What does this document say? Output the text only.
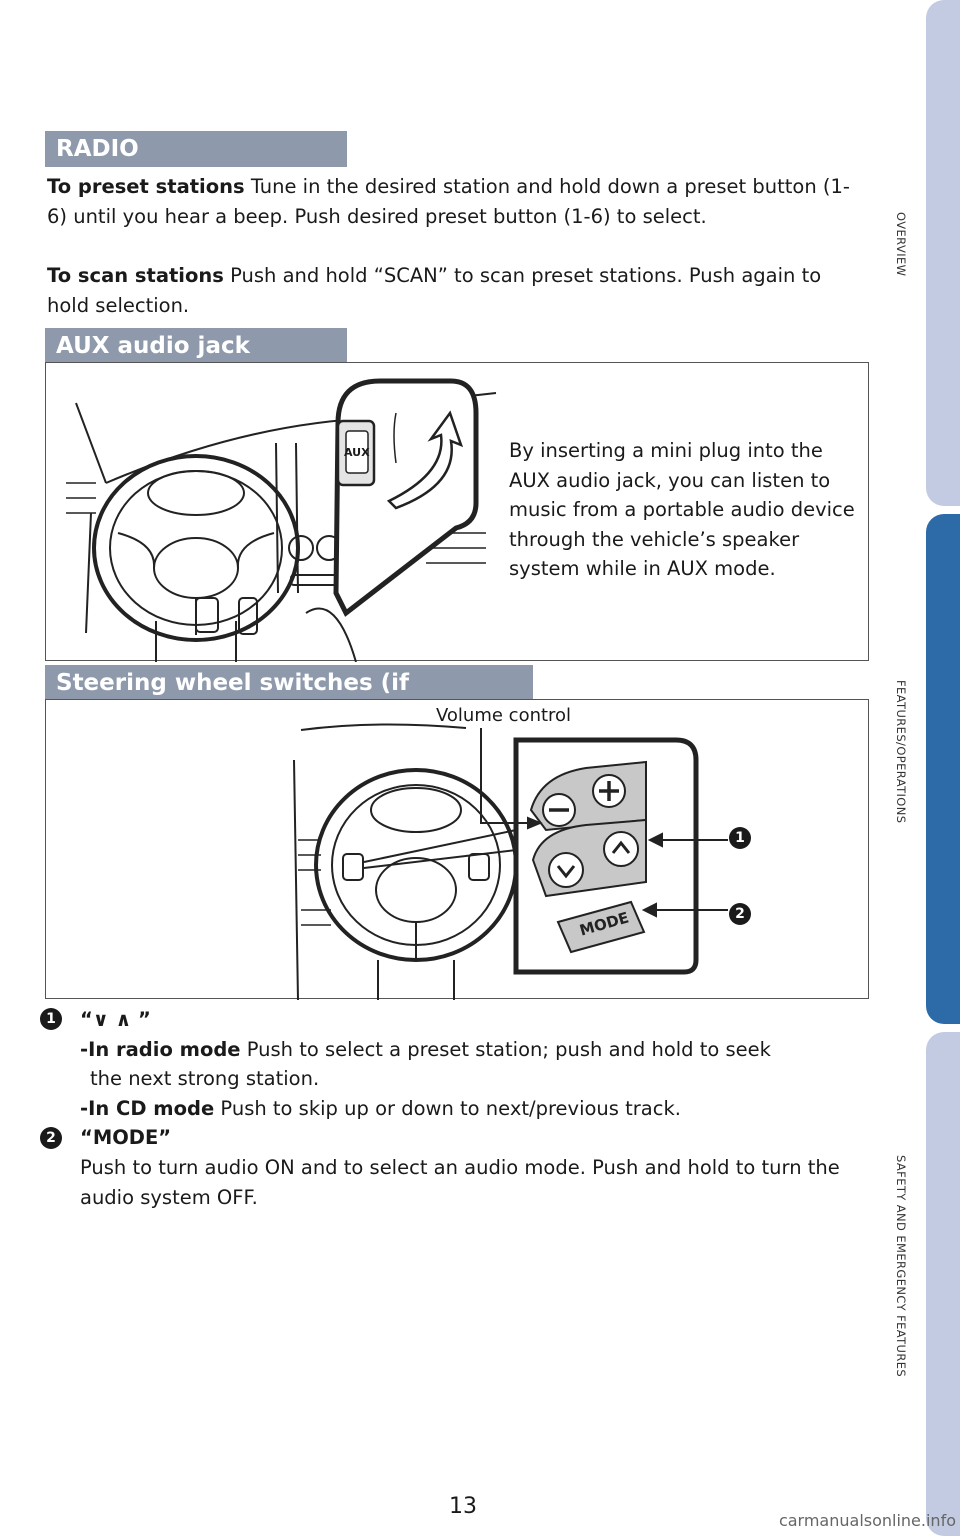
OVERVIEW
FEATURES/OPERATIONS
SAFETY AND EMERGENCY FEATURES
RADIO

To preset stations Tune in the desired station and hold down a preset button (1-6) until you hear a beep. Push desired preset button (1-6) to select.

To scan stations Push and hold “SCAN” to scan preset stations. Push again to hold selection.

AUX audio jack
AUX	By inserting a mini plug into the AUX audio jack, you can listen to music from a portable audio device through the vehicle’s speaker system while in AUX mode.
Steering wheel switches (if
MODE
1
2
Volume control
1	“∨ ∧ ”
-In radio mode Push to select a preset station; push and hold to seek
the next strong station.
-In CD mode Push to skip up or down to next/previous track.
2	“MODE”
Push to turn audio ON and to select an audio mode. Push and hold to turn the audio system OFF.
13
carmanualsonline.info
